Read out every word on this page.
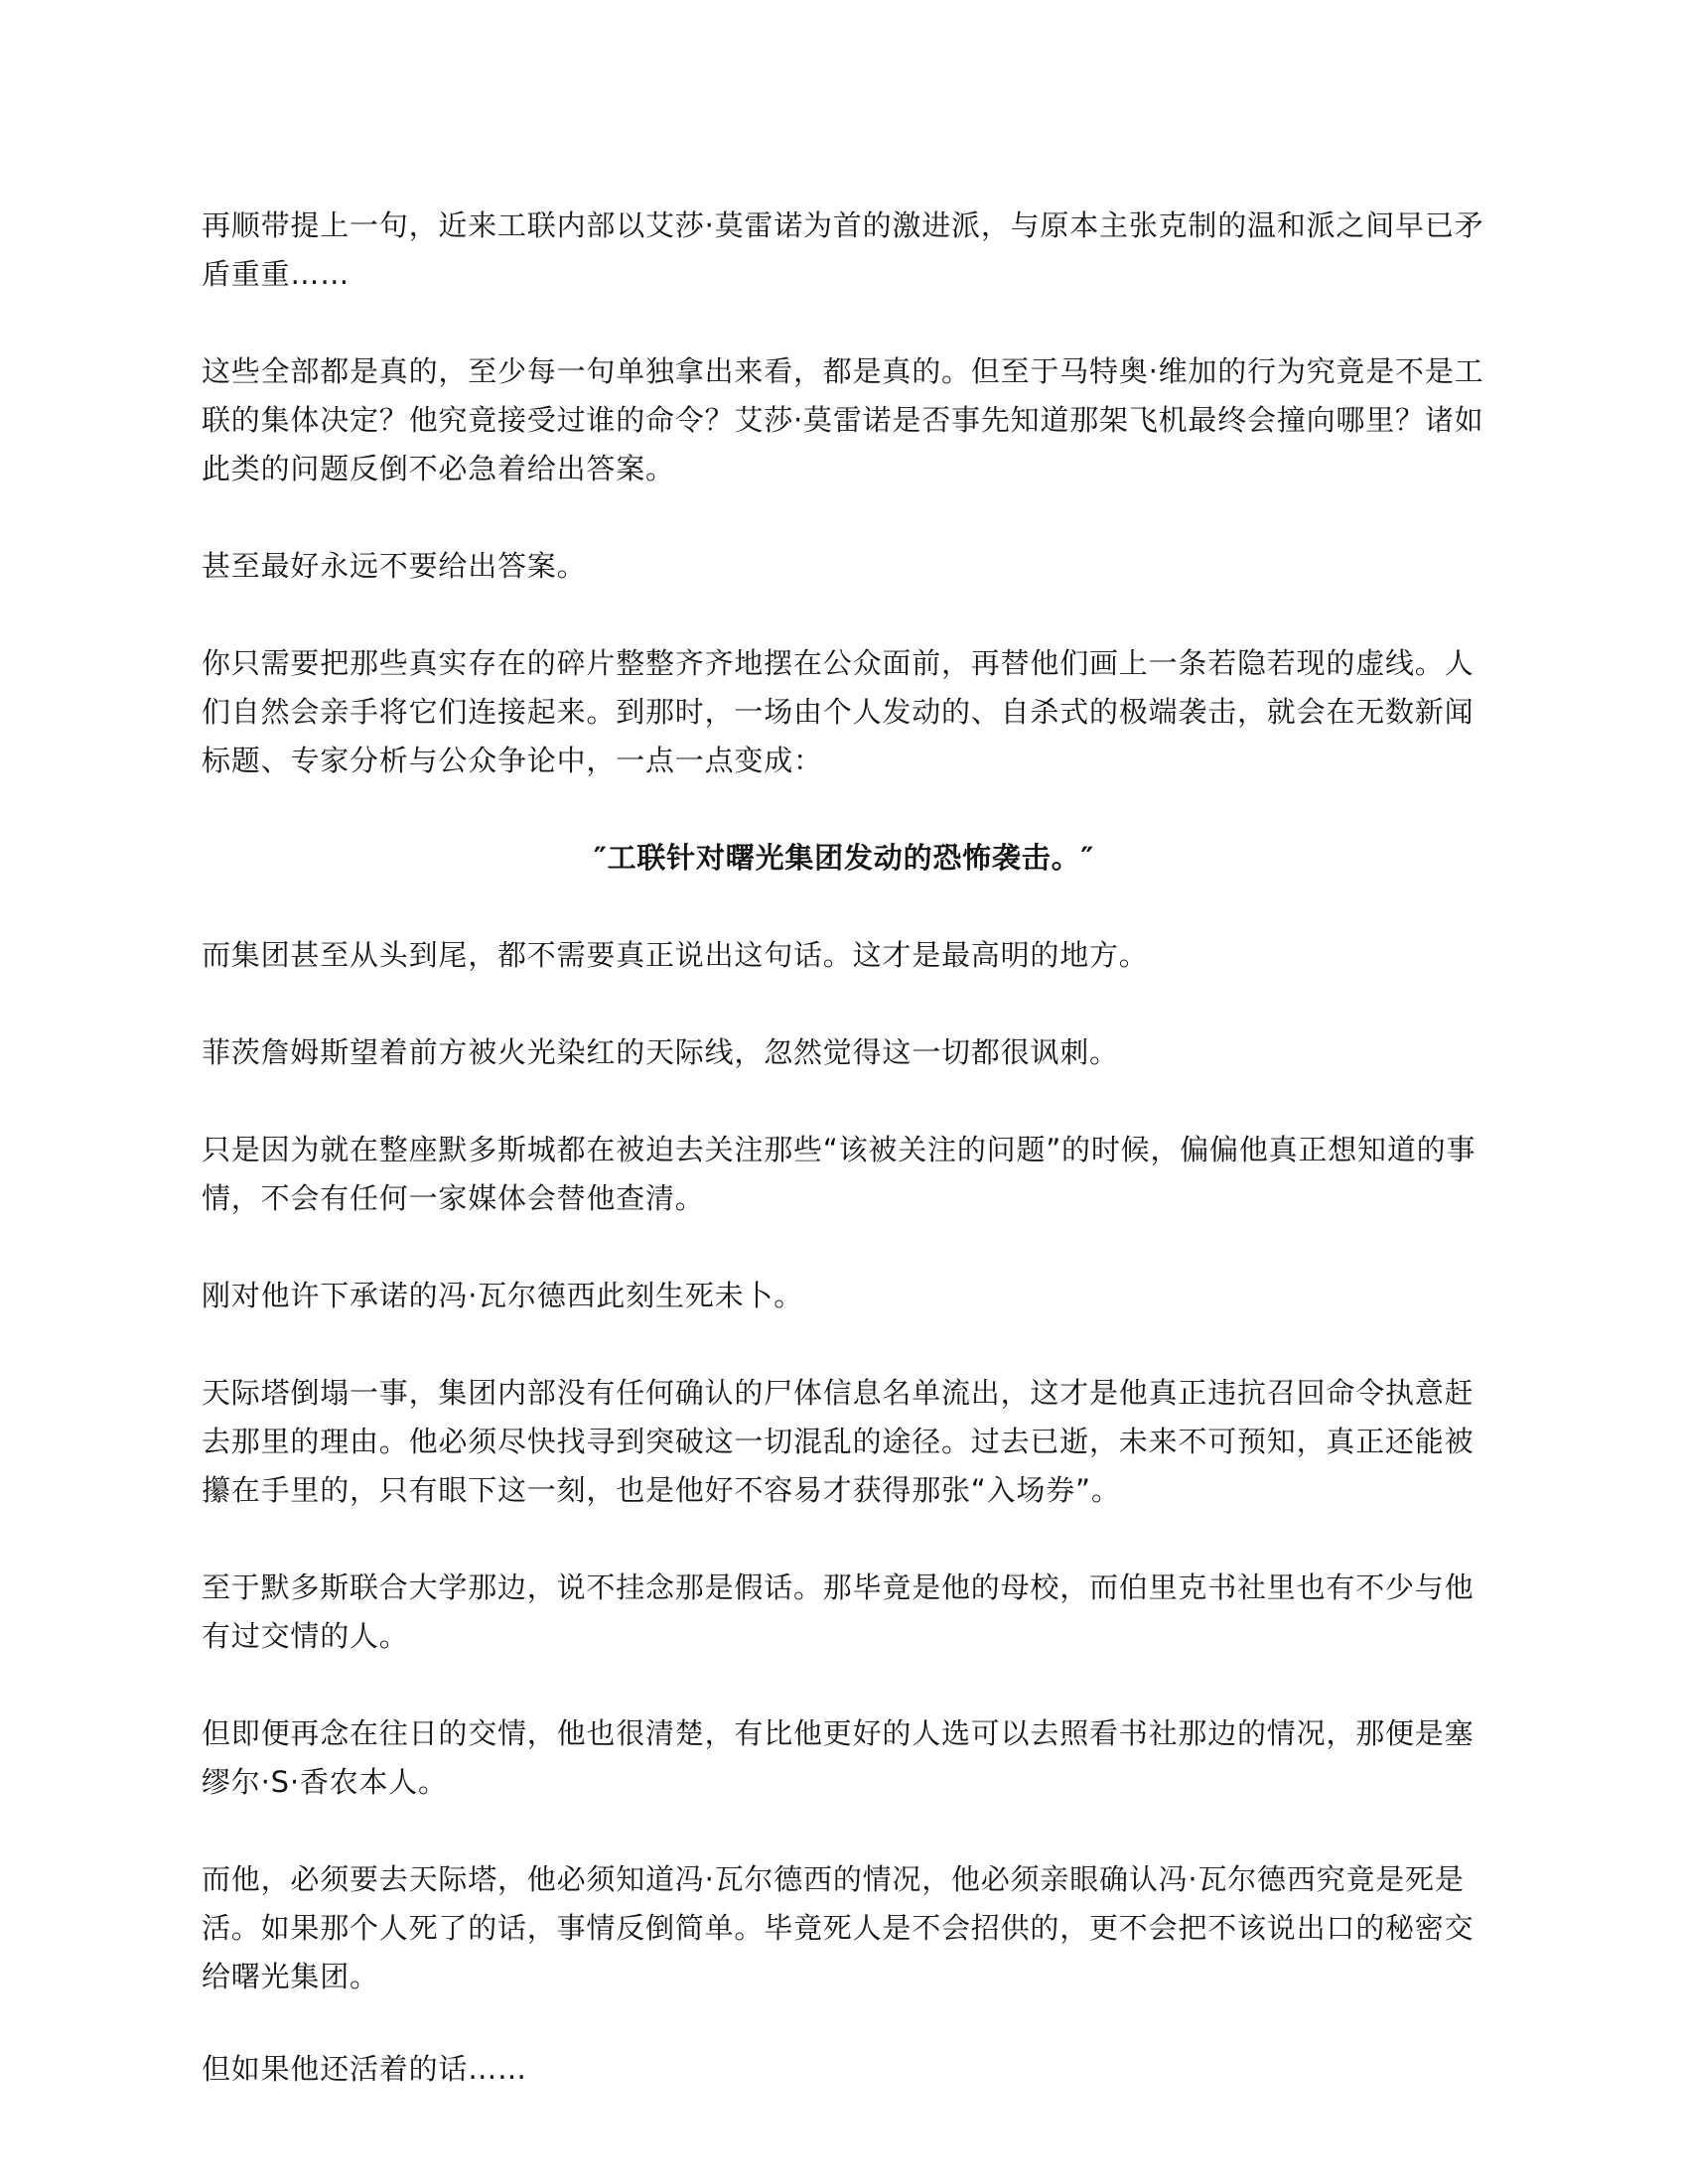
再顺带提上一句，近来工联内部以艾莎·莫雷诺为首的激进派，与原本主张克制的温和派之间早已矛盾重重……

这些全部都是真的，至少每一句单独拿出来看，都是真的。但至于马特奥·维加的行为究竟是不是工联的集体决定？他究竟接受过谁的命令？艾莎·莫雷诺是否事先知道那架飞机最终会撞向哪里？诸如此类的问题反倒不必急着给出答案。

甚至最好永远不要给出答案。

你只需要把那些真实存在的碎片整整齐齐地摆在公众面前，再替他们画上一条若隐若现的虚线。人们自然会亲手将它们连接起来。到那时，一场由个人发动的、自杀式的极端袭击，就会在无数新闻标题、专家分析与公众争论中，一点一点变成：

″工联针对曙光集团发动的恐怖袭击。″

而集团甚至从头到尾，都不需要真正说出这句话。这才是最高明的地方。

菲茨詹姆斯望着前方被火光染红的天际线，忽然觉得这一切都很讽刺。

只是因为就在整座默多斯城都在被迫去关注那些“该被关注的问题”的时候，偏偏他真正想知道的事情，不会有任何一家媒体会替他查清。

刚对他许下承诺的冯·瓦尔德西此刻生死未卜。

天际塔倒塌一事，集团内部没有任何确认的尸体信息名单流出，这才是他真正违抗召回命令执意赶去那里的理由。他必须尽快找寻到突破这一切混乱的途径。过去已逝，未来不可预知，真正还能被攥在手里的，只有眼下这一刻，也是他好不容易才获得那张“入场券”。

至于默多斯联合大学那边，说不挂念那是假话。那毕竟是他的母校，而伯里克书社里也有不少与他有过交情的人。

但即便再念在往日的交情，他也很清楚，有比他更好的人选可以去照看书社那边的情况，那便是塞缪尔·S·香农本人。

而他，必须要去天际塔，他必须知道冯·瓦尔德西的情况，他必须亲眼确认冯·瓦尔德西究竟是死是活。如果那个人死了的话，事情反倒简单。毕竟死人是不会招供的，更不会把不该说出口的秘密交给曙光集团。

但如果他还活着的话……
